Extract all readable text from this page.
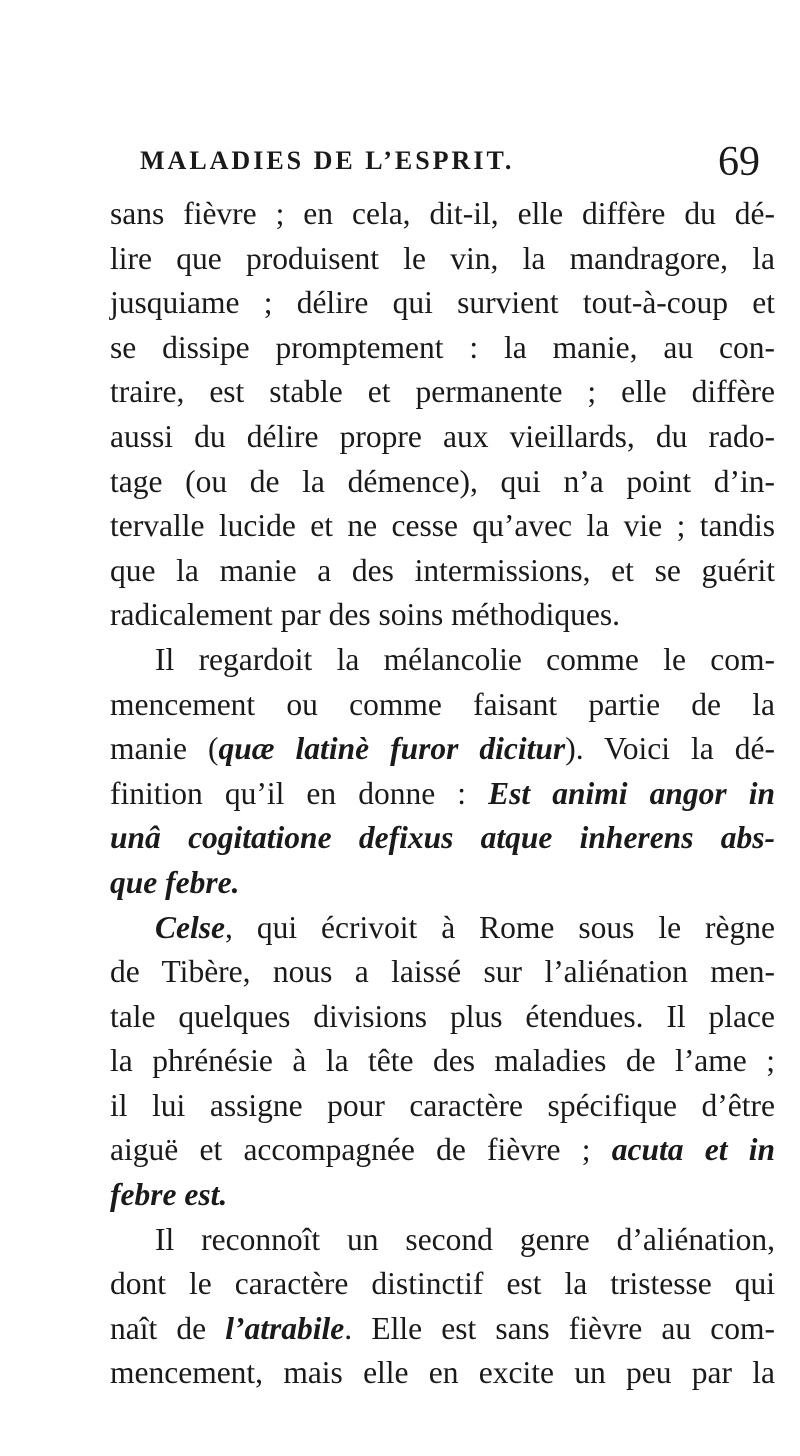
MALADIES DE L’ESPRIT.	69
sans fièvre ; en cela, dit-il, elle diffère du dé-
lire que produisent le vin, la mandragore, la
jusquiame ; délire qui survient tout-à-coup et
se dissipe promptement : la manie, au con-
traire, est stable et permanente ; elle diffère
aussi du délire propre aux vieillards, du rado-
tage (ou de la démence), qui n’a point d’in-
tervalle lucide et ne cesse qu’avec la vie ; tandis
que la manie a des intermissions, et se guérit
radicalement par des soins méthodiques.
Il regardoit la mélancolie comme le com-
mencement ou comme faisant partie de la
manie (quæ latinè furor dicitur). Voici la dé-
finition qu’il en donne : Est animi angor in
unâ cogitatione defixus atque inherens abs-
que febre.
Celse, qui écrivoit à Rome sous le règne
de Tibère, nous a laissé sur l’aliénation men-
tale quelques divisions plus étendues. Il place
la phrénésie à la tête des maladies de l’ame ;
il lui assigne pour caractère spécifique d’être
aiguë et accompagnée de fièvre ; acuta et in
febre est.
Il reconnoît un second genre d’aliénation,
dont le caractère distinctif est la tristesse qui
naît de l’atrabile. Elle est sans fièvre au com-
mencement, mais elle en excite un peu par la
